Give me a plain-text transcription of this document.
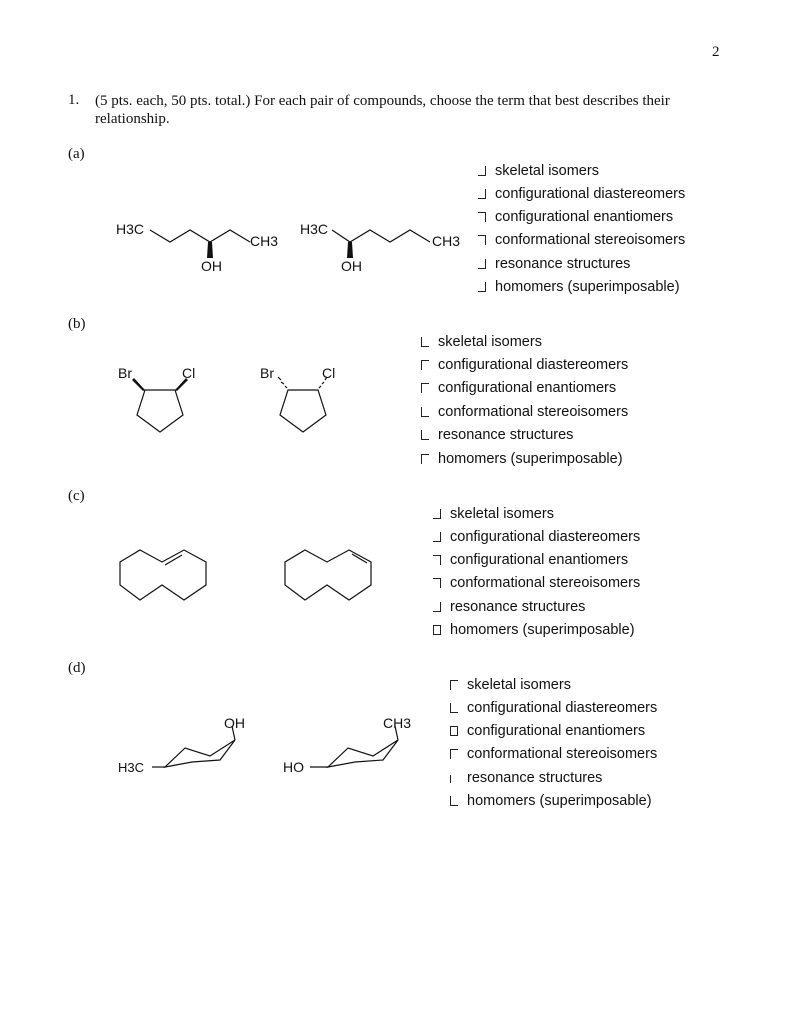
2
1. (5 pts. each, 50 pts. total.) For each pair of compounds, choose the term that best describes their relationship.
(a)
(b)
(c)
(d)
H3C
CH3
OH
H3C
CH3
OH
skeletal isomers
configurational diastereomers
configurational enantiomers
conformational stereoisomers
resonance structures
homomers (superimposable)
Br	Cl	Br	Cl
skeletal isomers
configurational diastereomers
configurational enantiomers
conformational stereoisomers
resonance structures
homomers (superimposable)
skeletal isomers
configurational diastereomers
configurational enantiomers
conformational stereoisomers
resonance structures
homomers (superimposable)
OH
H3C
CH3
HO
skeletal isomers
configurational diastereomers
configurational enantiomers
conformational stereoisomers
resonance structures
homomers (superimposable)
